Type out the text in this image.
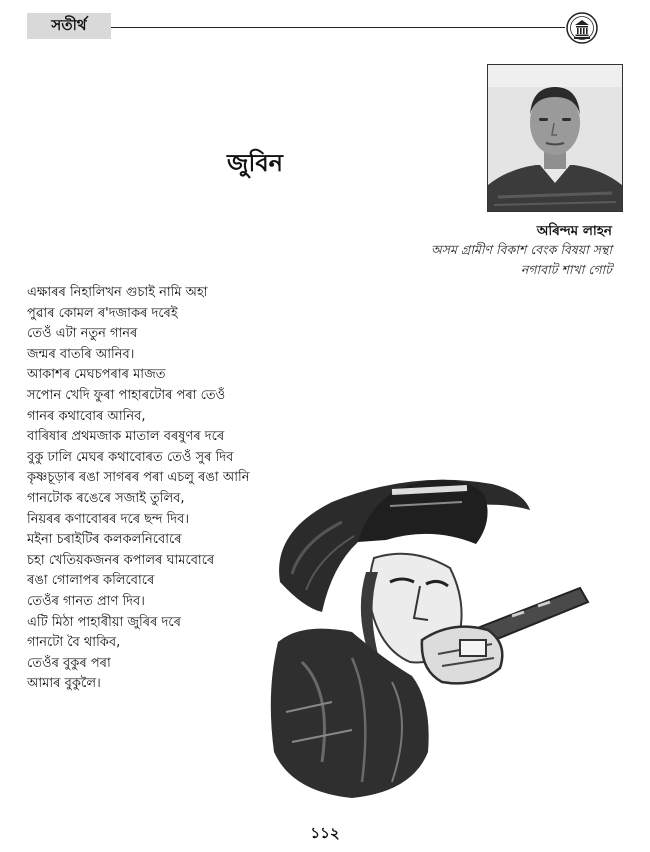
সতীৰ্থ
জুবিন
অৰিন্দম লাহন
অসম গ্ৰামীণ বিকাশ বেংক বিষয়া সন্থা
নগাবাট শাখা গোট
এক্ষাৰৰ নিহালিখন গুচাই নামি অহা
পুৱাৰ কোমল ৰ'দজাকৰ দৰেই
তেওঁ এটা নতুন গানৰ
জন্মৰ বাতৰি আনিব।
আকাশৰ মেঘচপৰাৰ মাজত
সপোন খেদি ফুৰা পাহাৰটোৰ পৰা তেওঁ
গানৰ কথাবোৰ আনিব,
বাৰিষাৰ প্ৰথমজাক মাতাল বৰষুণৰ দৰে
বুকু ঢালি মেঘৰ কথাবোৰত তেওঁ সুৰ দিব
কৃষ্ণচূড়াৰ ৰঙা সাগৰৰ পৰা এচলু ৰঙা আনি
গানটোক ৰঙেৰে সজাই তুলিব,
নিয়ৰৰ কণাবোৰৰ দৰে ছন্দ দিব।
মইনা চৰাইটিৰ কলকলনিবোৰে
চহা খেতিয়কজনৰ কপালৰ ঘামবোৰে
ৰঙা গোলাপৰ কলিবোৰে
তেওঁৰ গানত প্ৰাণ দিব।
এটি মিঠা পাহাৰীয়া জুৰিৰ দৰে
গানটো বৈ থাকিব,
তেওঁৰ বুকুৰ পৰা
আমাৰ বুকুলৈ।
১১২
